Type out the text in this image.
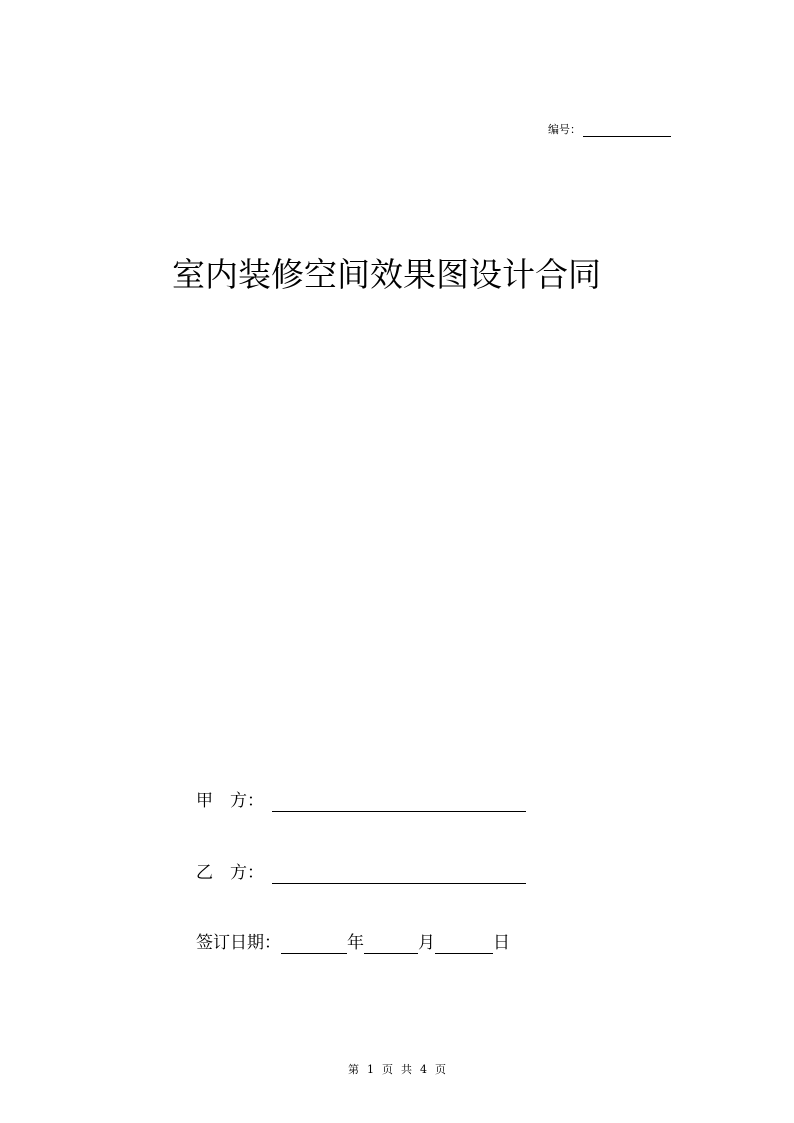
编号：
室内装修空间效果图设计合同
甲　方：
乙　方：
签订日期：	年	月	日
第 1 页 共 4 页
